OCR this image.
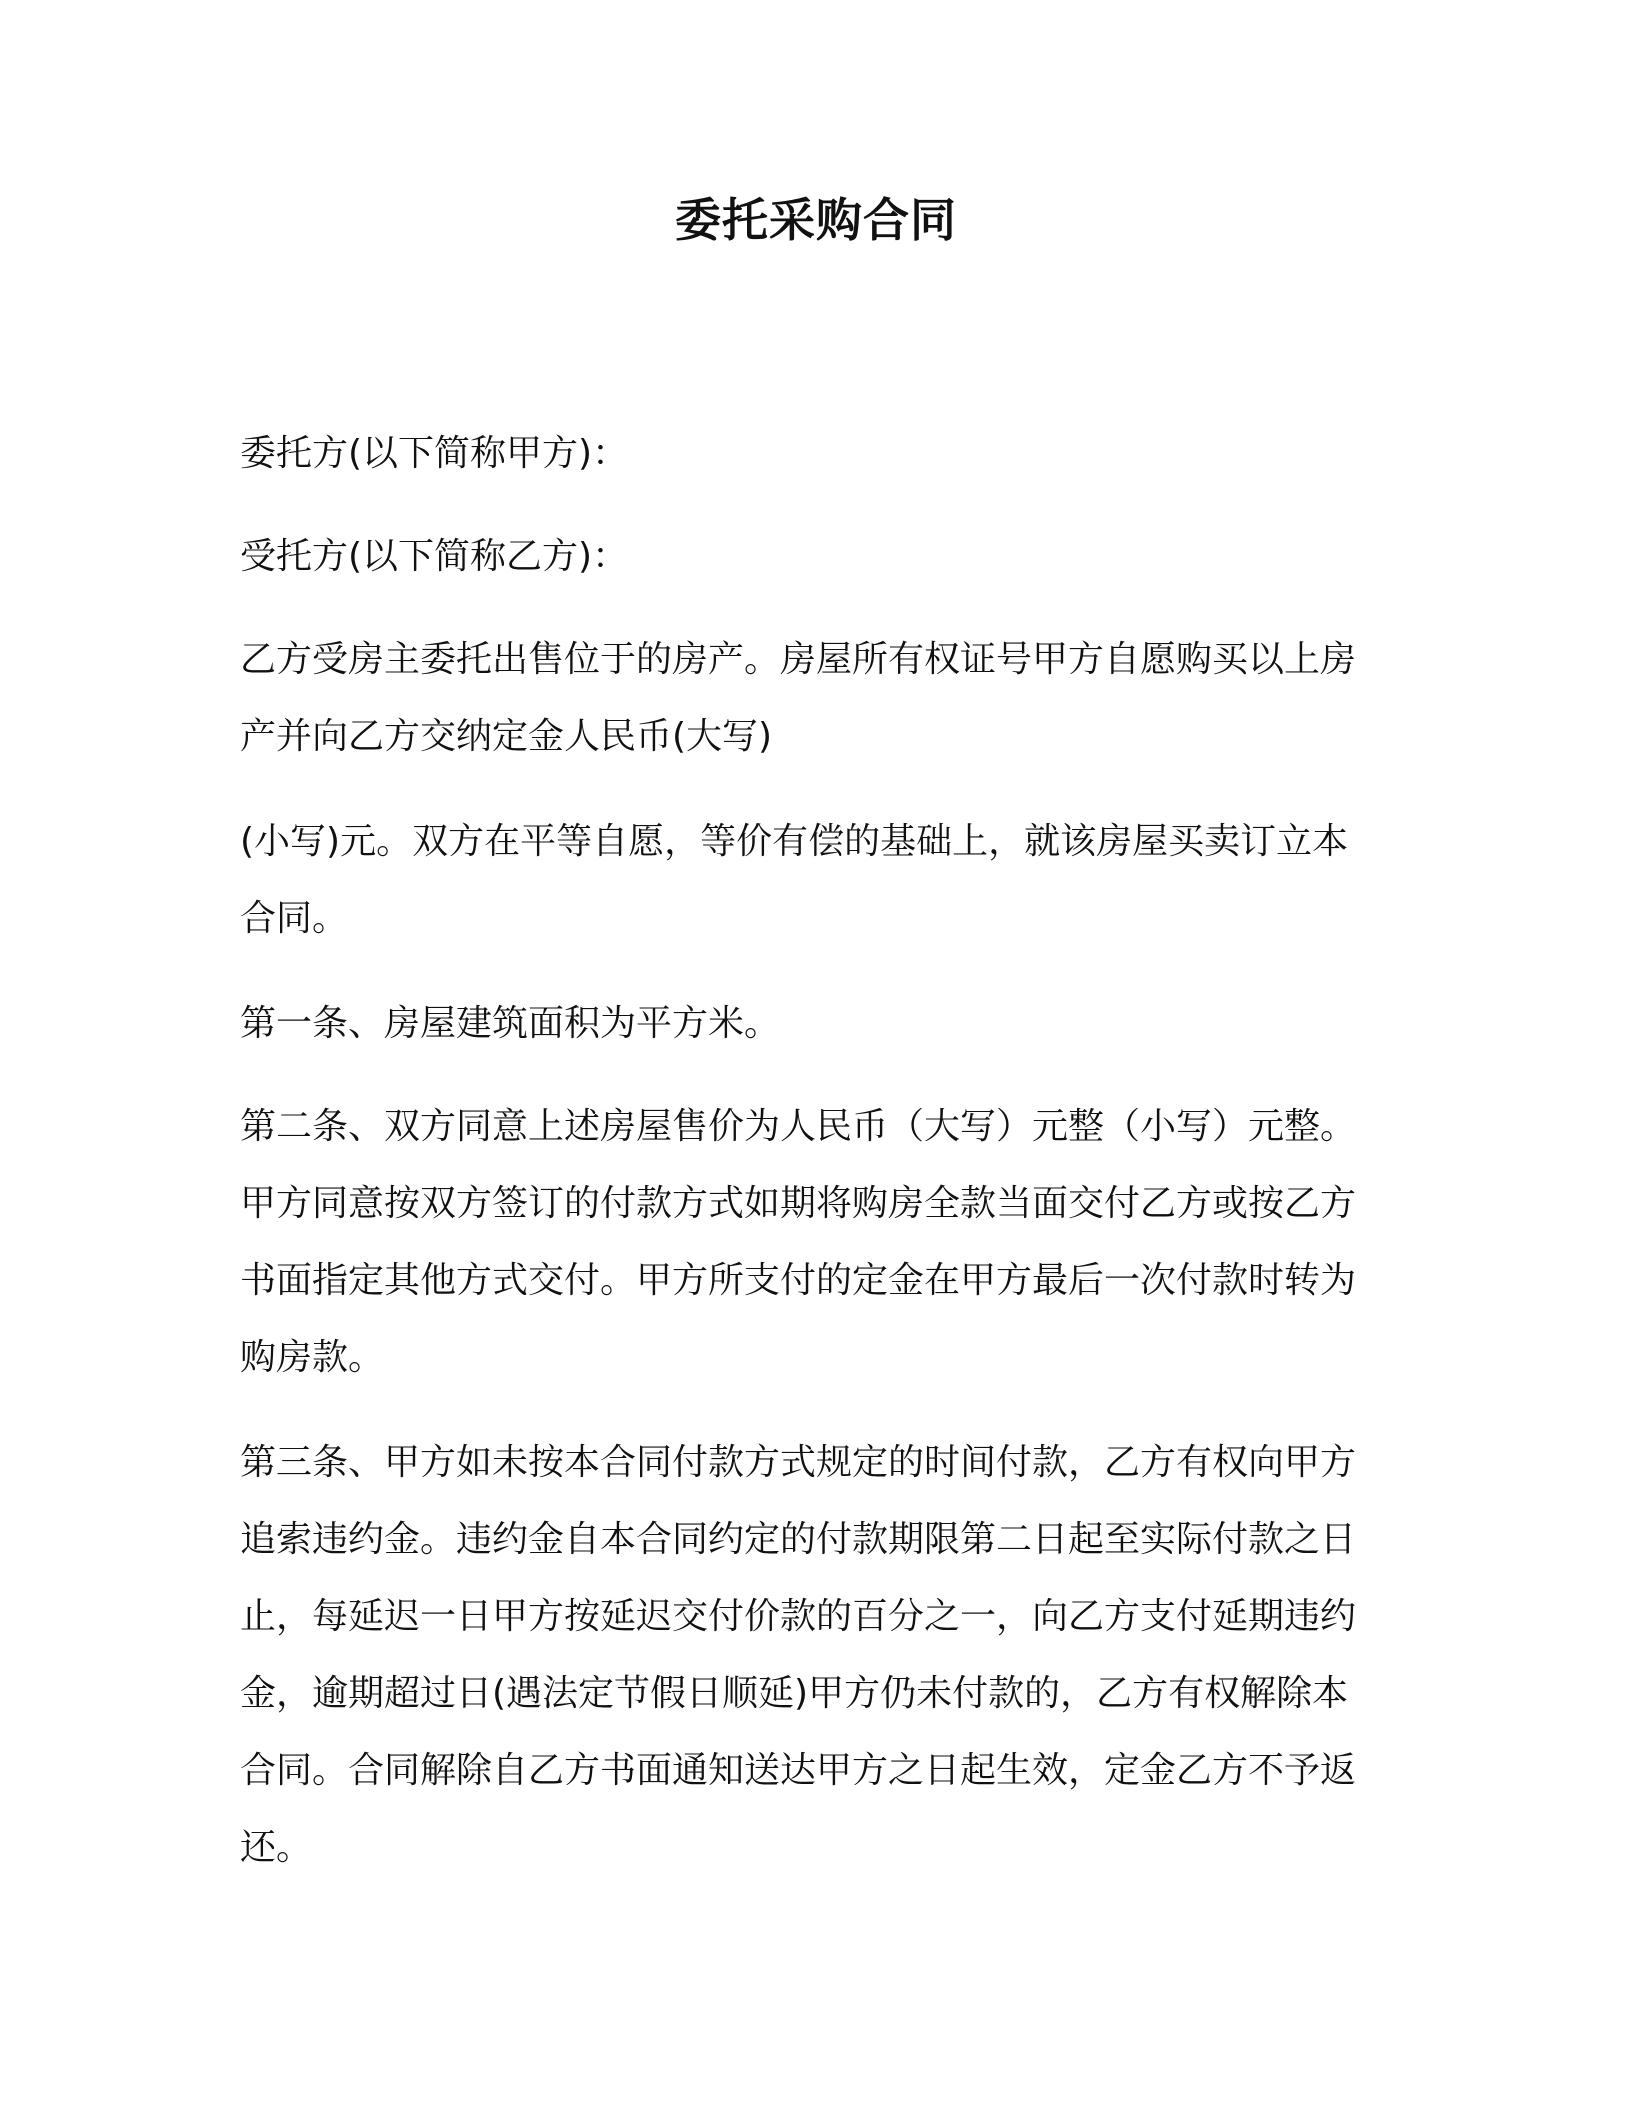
委托采购合同

委托方(以下简称甲方)：

受托方(以下简称乙方)：

乙方受房主委托出售位于的房产。房屋所有权证号甲方自愿购买以上房产并向乙方交纳定金人民币(大写)

(小写)元。双方在平等自愿，等价有偿的基础上，就该房屋买卖订立本合同。

第一条、房屋建筑面积为平方米。

第二条、双方同意上述房屋售价为人民币（大写）元整（小写）元整。甲方同意按双方签订的付款方式如期将购房全款当面交付乙方或按乙方书面指定其他方式交付。甲方所支付的定金在甲方最后一次付款时转为购房款。

第三条、甲方如未按本合同付款方式规定的时间付款，乙方有权向甲方追索违约金。违约金自本合同约定的付款期限第二日起至实际付款之日止，每延迟一日甲方按延迟交付价款的百分之一，向乙方支付延期违约金，逾期超过日(遇法定节假日顺延)甲方仍未付款的，乙方有权解除本合同。合同解除自乙方书面通知送达甲方之日起生效，定金乙方不予返还。
